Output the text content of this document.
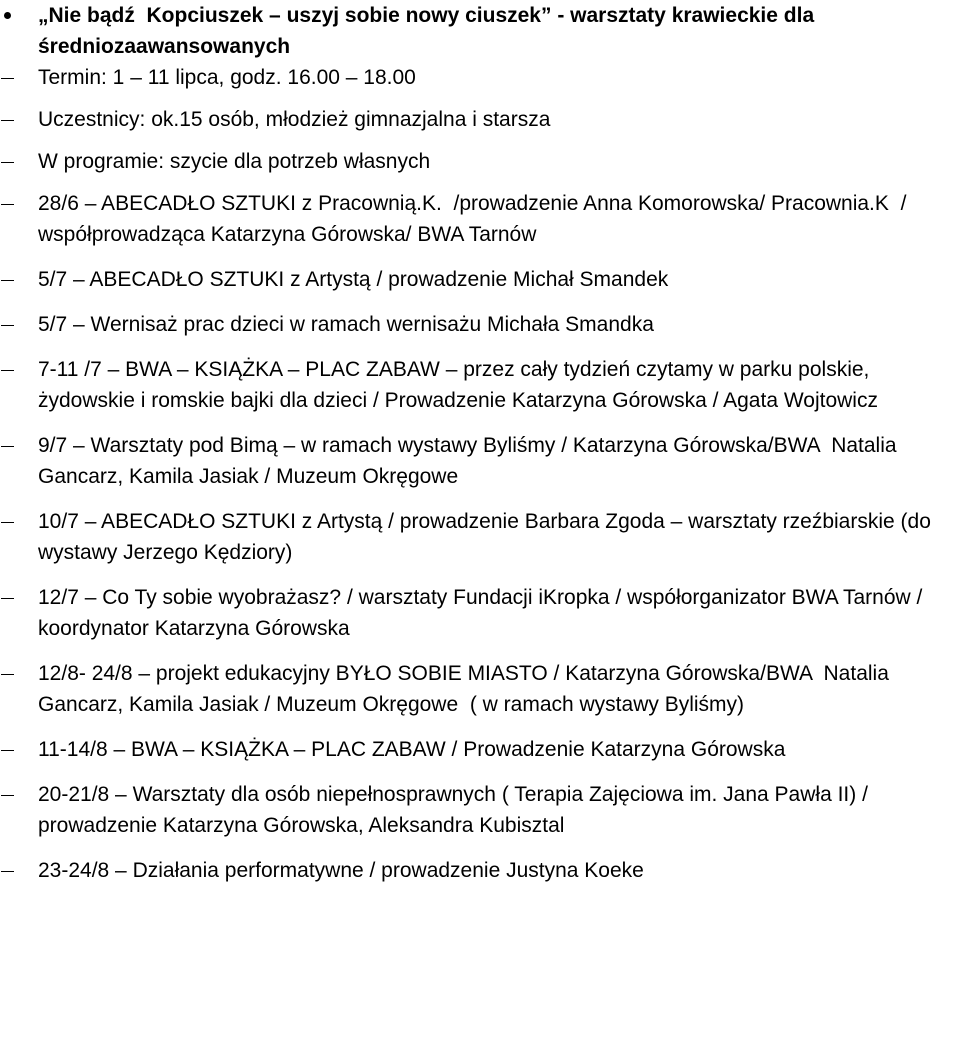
„Nie bądź  Kopciuszek – uszyj sobie nowy ciuszek” - warsztaty krawieckie dla średniozaawansowanych
Termin: 1 – 11 lipca, godz. 16.00 – 18.00
Uczestnicy: ok.15 osób, młodzież gimnazjalna i starsza
W programie: szycie dla potrzeb własnych
28/6 – ABECADŁO SZTUKI z Pracownią.K.  /prowadzenie Anna Komorowska/ Pracownia.K  / współprowadząca Katarzyna Górowska/ BWA Tarnów
5/7 – ABECADŁO SZTUKI z Artystą / prowadzenie Michał Smandek
5/7 – Wernisaż prac dzieci w ramach wernisażu Michała Smandka
7-11 /7 – BWA – KSIĄŻKA – PLAC ZABAW – przez cały tydzień czytamy w parku polskie, żydowskie i romskie bajki dla dzieci / Prowadzenie Katarzyna Górowska / Agata Wojtowicz
9/7 – Warsztaty pod Bimą – w ramach wystawy Byliśmy / Katarzyna Górowska/BWA  Natalia Gancarz, Kamila Jasiak / Muzeum Okręgowe
10/7 – ABECADŁO SZTUKI z Artystą / prowadzenie Barbara Zgoda – warsztaty rzeźbiarskie (do wystawy Jerzego Kędziory)
12/7 – Co Ty sobie wyobrażasz? / warsztaty Fundacji iKropka / współorganizator BWA Tarnów / koordynator Katarzyna Górowska
12/8- 24/8 – projekt edukacyjny BYŁO SOBIE MIASTO / Katarzyna Górowska/BWA  Natalia Gancarz, Kamila Jasiak / Muzeum Okręgowe  ( w ramach wystawy Byliśmy)
11-14/8 – BWA – KSIĄŻKA – PLAC ZABAW / Prowadzenie Katarzyna Górowska
20-21/8 – Warsztaty dla osób niepełnosprawnych ( Terapia Zajęciowa im. Jana Pawła II) / prowadzenie Katarzyna Górowska, Aleksandra Kubisztal
23-24/8 – Działania performatywne / prowadzenie Justyna Koeke
